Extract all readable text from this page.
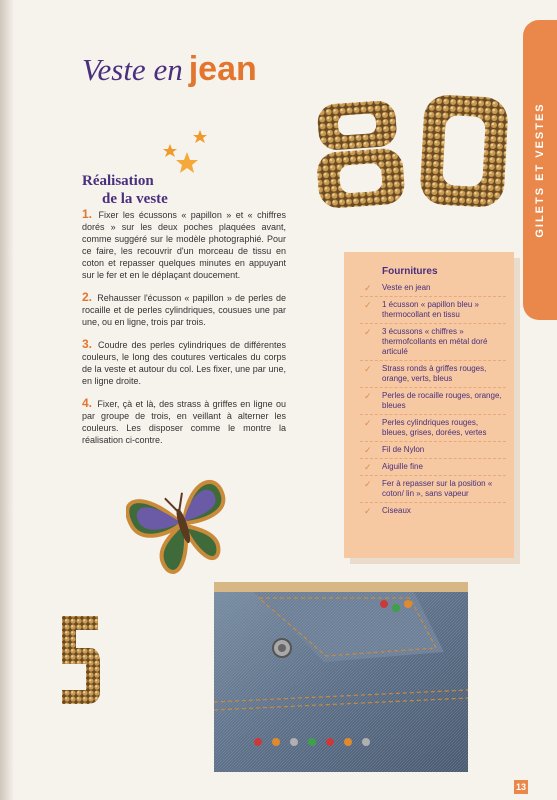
GILETS ET VESTES
Veste en jean
Réalisation
de la veste

1. Fixer les écussons « papillon » et « chiffres dorés » sur les deux poches plaquées avant, comme suggéré sur le modèle photographié. Pour ce faire, les recouvrir d'un morceau de tissu en coton et repasser quelques minutes en appuyant sur le fer et en le déplaçant doucement.

2. Rehausser l'écusson « papillon » de perles de rocaille et de perles cylindriques, cousues une par une, ou en ligne, trois par trois.

3. Coudre des perles cylindriques de différentes couleurs, le long des coutures verticales du corps de la veste et autour du col. Les fixer, une par une, en ligne droite.

4. Fixer, çà et là, des strass à griffes en ligne ou par groupe de trois, en veillant à alterner les couleurs. Les disposer comme le montre la réalisation ci-contre.

Fournitures
✓ Veste en jean
✓ 1 écusson « papillon bleu » thermocollant en tissu
✓ 3 écussons « chiffres » thermofcollants en métal doré articulé
✓ Strass ronds à griffes rouges, orange, verts, bleus
✓ Perles de rocaille rouges, orange, bleues
✓ Perles cylindriques rouges, bleues, grises, dorées, vertes
✓ Fil de Nylon
✓ Aiguille fine
✓ Fer à repasser sur la position « coton/ lin », sans vapeur
✓ Ciseaux
13
